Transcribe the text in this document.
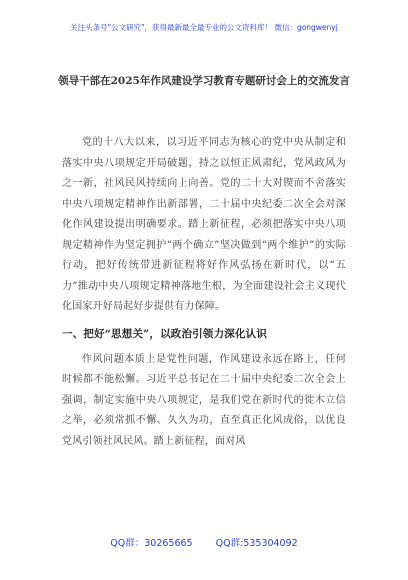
关注头条号"公文研究"，获得最新最全最专业的公文资料库！ 微信：gongwenyj
领导干部在2025年作风建设学习教育专题研讨会上的交流发言

党的十八大以来，以习近平同志为核心的党中央从制定和落实中央八项规定开局破题，持之以恒正风肃纪，党风政风为之一新，社风民风持续向上向善。党的二十大对锲而不舍落实中央八项规定精神作出新部署，二十届中央纪委二次全会对深化作风建设提出明确要求。踏上新征程，必须把落实中央八项规定精神作为坚定拥护“两个确立”坚决做到“两个维护”的实际行动，把好传统带进新征程将好作风弘扬在新时代，以“五力”推动中央八项规定精神落地生根，为全面建设社会主义现代化国家开好局起好步提供有力保障。

一、把好“思想关”，以政治引领力深化认识

作风问题本质上是党性问题，作风建设永远在路上，任何时候都不能松懈。习近平总书记在二十届中央纪委二次全会上强调，制定实施中央八项规定，是我们党在新时代的徙木立信之举，必须常抓不懈、久久为功，直至真正化风成俗，以优良党风引领社风民风。踏上新征程，面对风

QQ群：30265665 QQ群:535304092
